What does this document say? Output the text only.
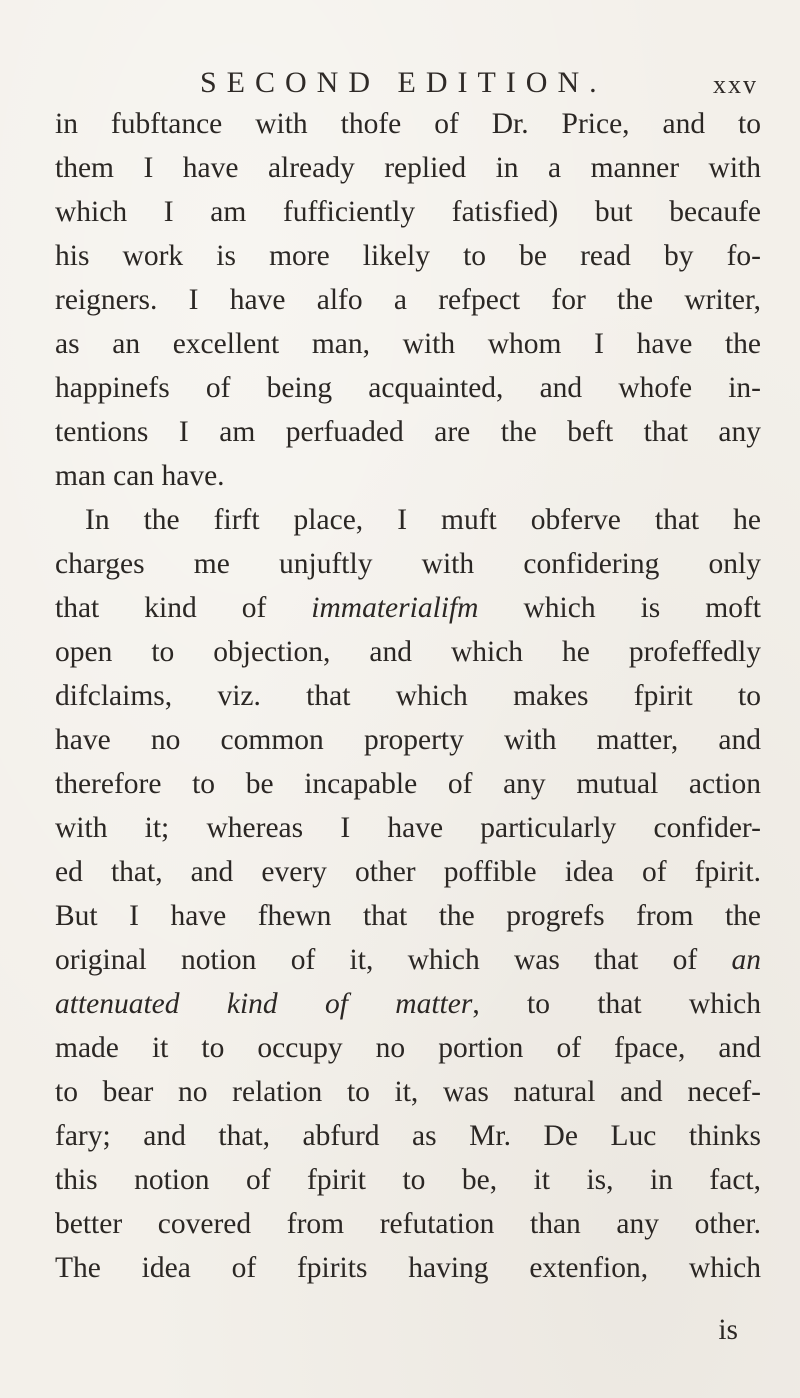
SECOND EDITION.	xxv
in fubftance with thofe of Dr. Price, and to
them I have already replied in a manner with
which I am fufficiently fatisfied) but becaufe
his work is more likely to be read by fo-
reigners. I have alfo a refpect for the writer,
as an excellent man, with whom I have the
happinefs of being acquainted, and whofe in-
tentions I am perfuaded are the beft that any
man can have.
In the firft place, I muft obferve that he
charges me unjuftly with confidering only
that kind of immaterialifm which is moft
open to objection, and which he profeffedly
difclaims, viz. that which makes fpirit to
have no common property with matter, and
therefore to be incapable of any mutual action
with it; whereas I have particularly confider-
ed that, and every other poffible idea of fpirit.
But I have fhewn that the progrefs from the
original notion of it, which was that of an
attenuated kind of matter, to that which
made it to occupy no portion of fpace, and
to bear no relation to it, was natural and necef-
fary; and that, abfurd as Mr. De Luc thinks
this notion of fpirit to be, it is, in fact,
better covered from refutation than any other.
The idea of fpirits having extenfion, which
is
